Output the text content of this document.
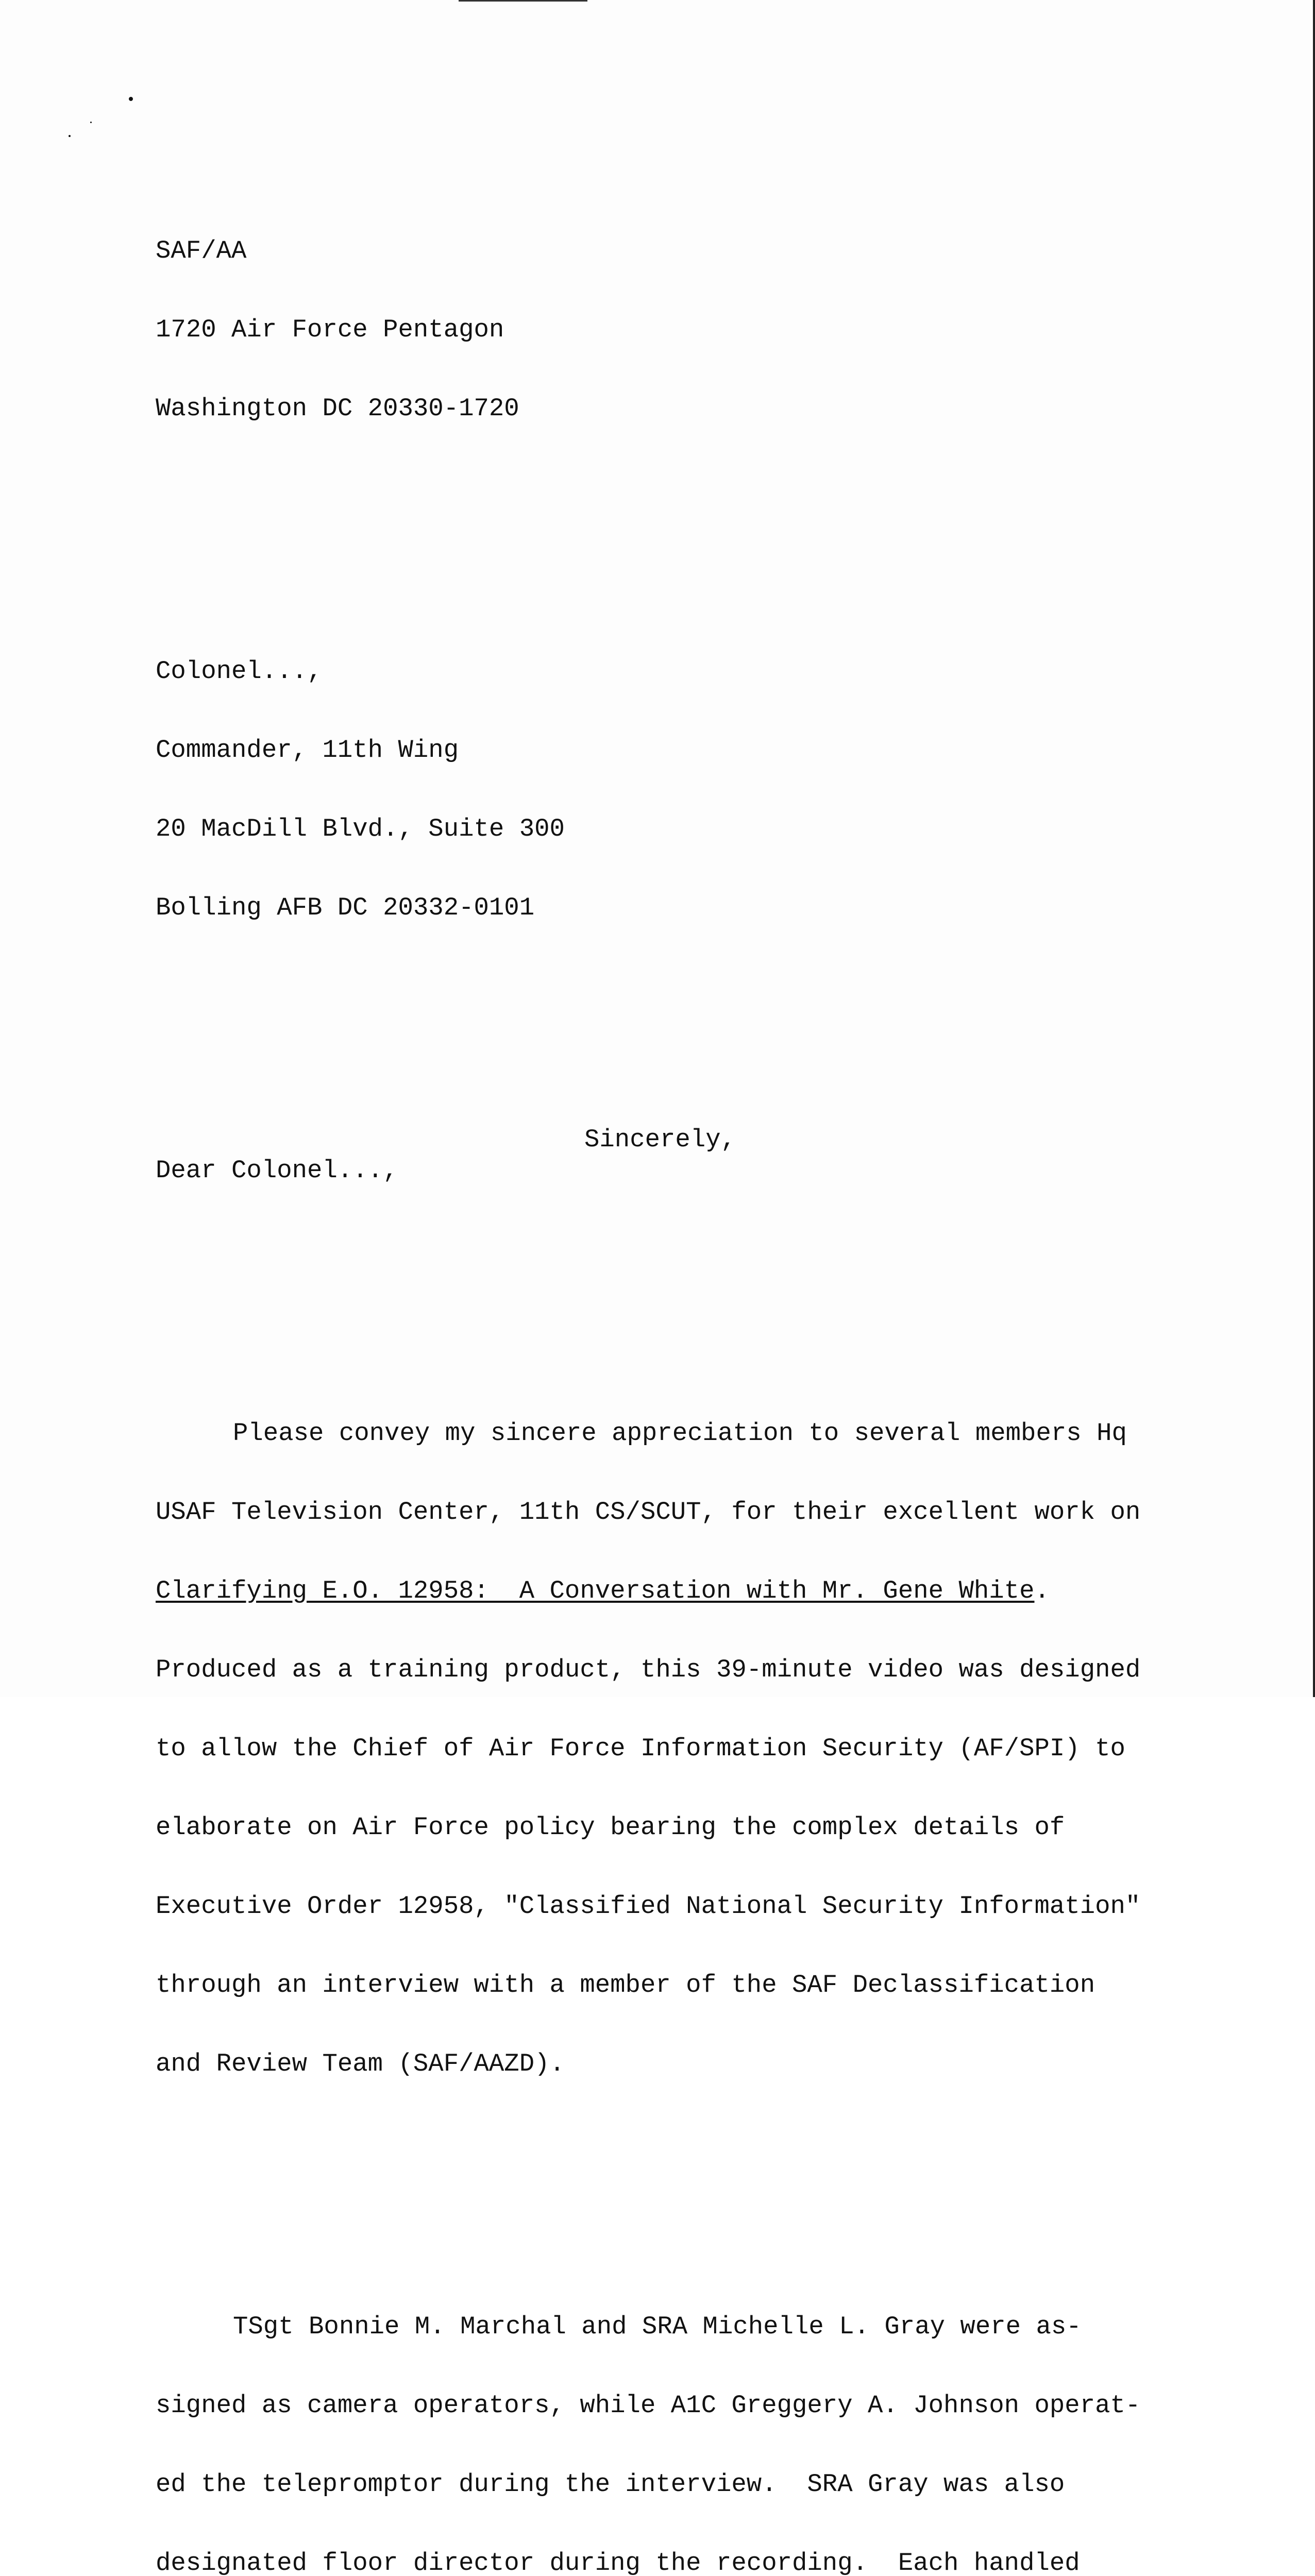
SAF/AA

1720 Air Force Pentagon

Washington DC 20330-1720

Colonel...,

Commander, 11th Wing

20 MacDill Blvd., Suite 300

Bolling AFB DC 20332-0101

Dear Colonel...,

Please convey my sincere appreciation to several members Hq

USAF Television Center, 11th CS/SCUT, for their excellent work on

Clarifying E.O. 12958:  A Conversation with Mr. Gene White.

Produced as a training product, this 39-minute video was designed

to allow the Chief of Air Force Information Security (AF/SPI) to

elaborate on Air Force policy bearing the complex details of

Executive Order 12958, "Classified National Security Information"

through an interview with a member of the SAF Declassification

and Review Team (SAF/AAZD).

TSgt Bonnie M. Marchal and SRA Michelle L. Gray were as-

signed as camera operators, while A1C Greggery A. Johnson operat-

ed the telepromptor during the interview.  SRA Gray was also

designated floor director during the recording.  Each handled

Sincerely,
